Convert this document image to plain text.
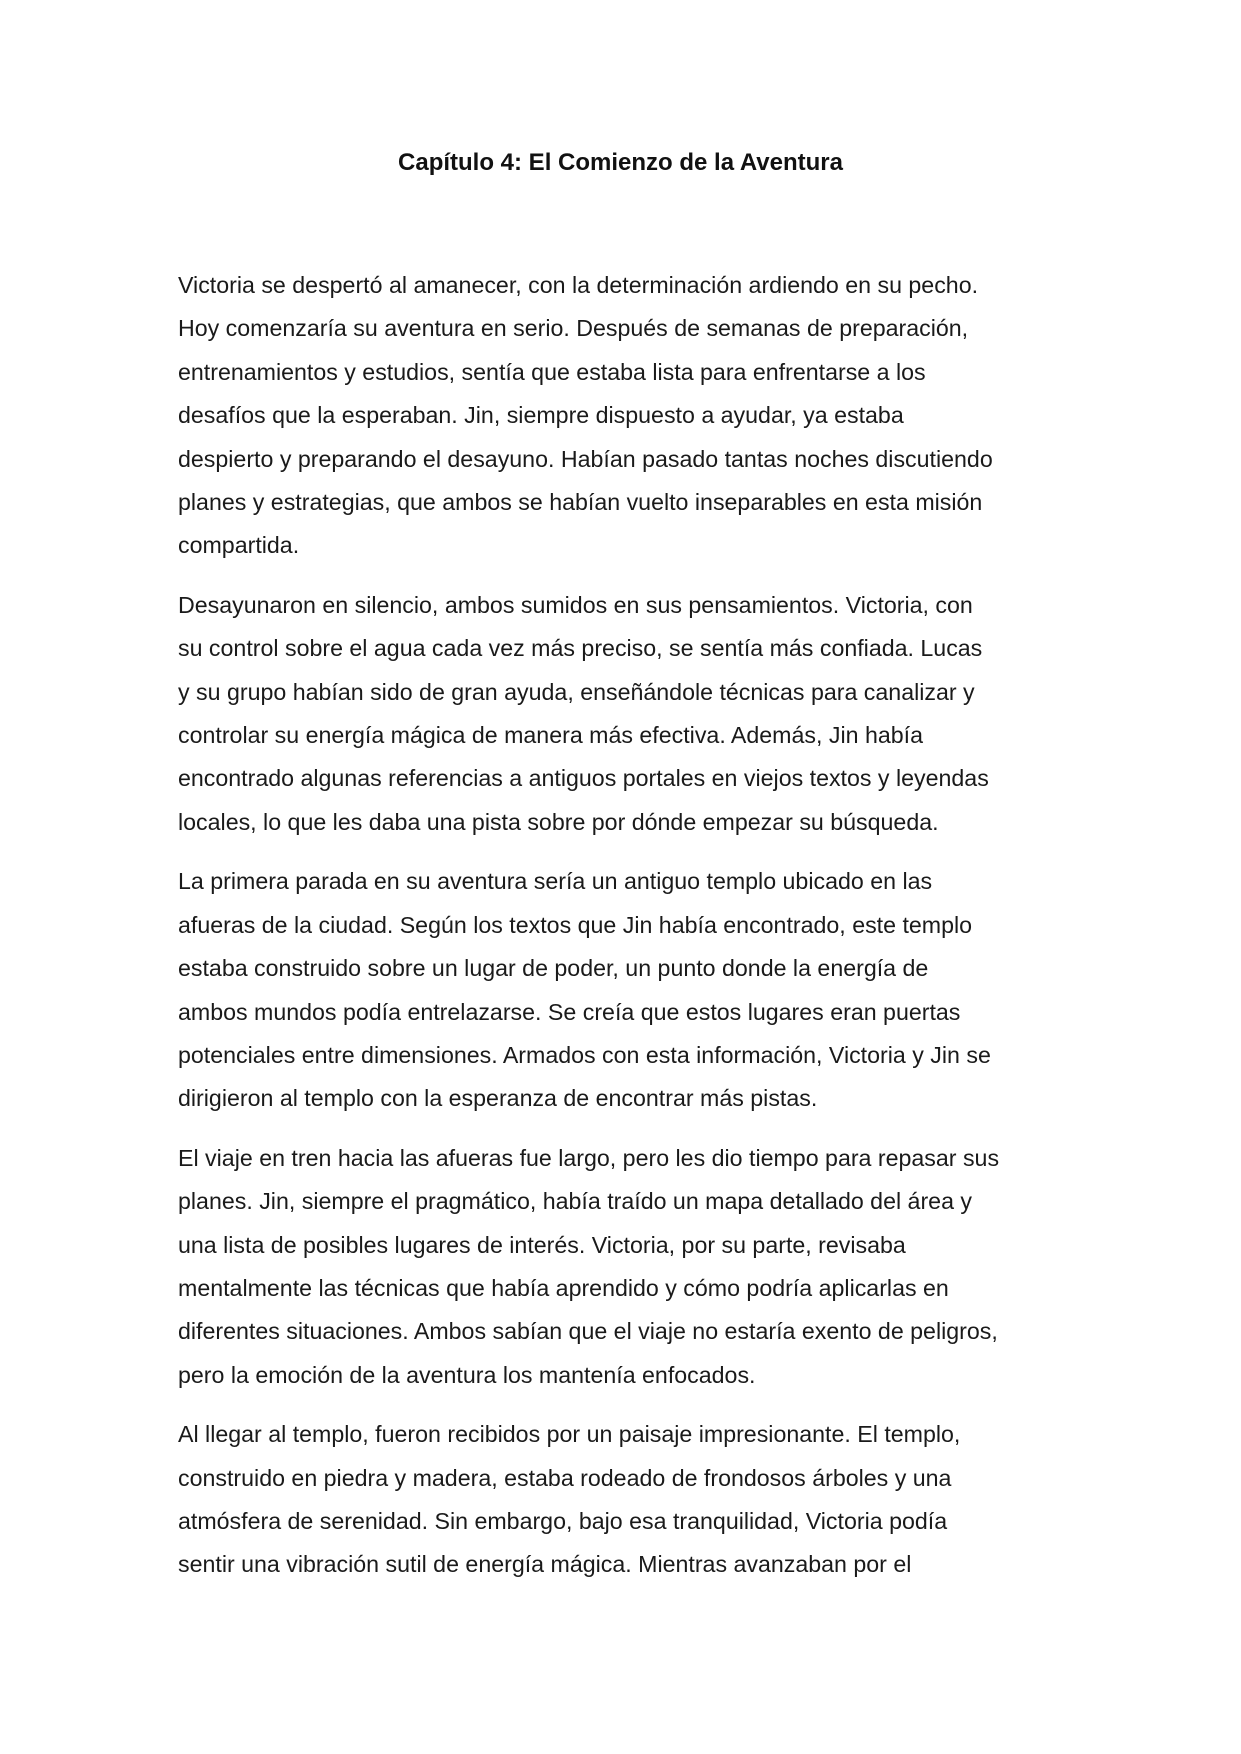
Capítulo 4: El Comienzo de la Aventura

Victoria se despertó al amanecer, con la determinación ardiendo en su pecho.
Hoy comenzaría su aventura en serio. Después de semanas de preparación,
entrenamientos y estudios, sentía que estaba lista para enfrentarse a los
desafíos que la esperaban. Jin, siempre dispuesto a ayudar, ya estaba
despierto y preparando el desayuno. Habían pasado tantas noches discutiendo
planes y estrategias, que ambos se habían vuelto inseparables en esta misión
compartida.

Desayunaron en silencio, ambos sumidos en sus pensamientos. Victoria, con
su control sobre el agua cada vez más preciso, se sentía más confiada. Lucas
y su grupo habían sido de gran ayuda, enseñándole técnicas para canalizar y
controlar su energía mágica de manera más efectiva. Además, Jin había
encontrado algunas referencias a antiguos portales en viejos textos y leyendas
locales, lo que les daba una pista sobre por dónde empezar su búsqueda.

La primera parada en su aventura sería un antiguo templo ubicado en las
afueras de la ciudad. Según los textos que Jin había encontrado, este templo
estaba construido sobre un lugar de poder, un punto donde la energía de
ambos mundos podía entrelazarse. Se creía que estos lugares eran puertas
potenciales entre dimensiones. Armados con esta información, Victoria y Jin se
dirigieron al templo con la esperanza de encontrar más pistas.

El viaje en tren hacia las afueras fue largo, pero les dio tiempo para repasar sus
planes. Jin, siempre el pragmático, había traído un mapa detallado del área y
una lista de posibles lugares de interés. Victoria, por su parte, revisaba
mentalmente las técnicas que había aprendido y cómo podría aplicarlas en
diferentes situaciones. Ambos sabían que el viaje no estaría exento de peligros,
pero la emoción de la aventura los mantenía enfocados.

Al llegar al templo, fueron recibidos por un paisaje impresionante. El templo,
construido en piedra y madera, estaba rodeado de frondosos árboles y una
atmósfera de serenidad. Sin embargo, bajo esa tranquilidad, Victoria podía
sentir una vibración sutil de energía mágica. Mientras avanzaban por el
